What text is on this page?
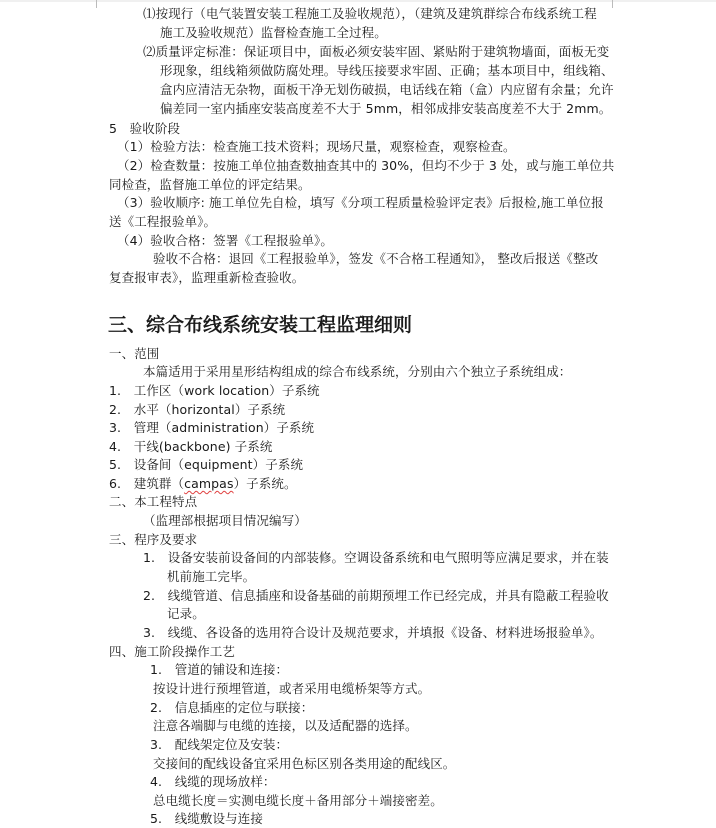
⑴按现行（电气装置安装工程施工及验收规范），（建筑及建筑群综合布线系统工程
施工及验收规范）监督检查施工全过程。
⑵质量评定标准：保证项目中，面板必须安装牢固、紧贴附于建筑物墙面，面板无变
形现象，组线箱须做防腐处理。导线压接要求牢固、正确；基本项目中，组线箱、
盒内应清洁无杂物，面板干净无划伤破损，电话线在箱（盒）内应留有余量；允许
偏差同一室内插座安装高度差不大于 5mm，相邻成排安装高度差不大于 2mm。
5　验收阶段
（1）检验方法：检查施工技术资料；现场尺量，观察检查，观察检查。
（2）检查数量：按施工单位抽查数抽查其中的 30%，但均不少于 3 处，或与施工单位共
同检查，监督施工单位的评定结果。
（3）验收顺序: 施工单位先自检，填写《分项工程质量检验评定表》后报检,施工单位报
送《工程报验单》。
（4）验收合格：签署《工程报验单》。
验收不合格：退回《工程报验单》，签发《不合格工程通知》， 整改后报送《整改
复查报审表》，监理重新检查验收。
三、综合布线系统安装工程监理细则
一、范围
本篇适用于采用星形结构组成的综合布线系统，分别由六个独立子系统组成：
1.　工作区（work location）子系统
2.　水平（horizontal）子系统
3.　管理（administration）子系统
4.　干线(backbone) 子系统
5.　设备间（equipment）子系统
6.　建筑群（campas）子系统。
二、本工程特点
（监理部根据项目情况编写）
三、程序及要求
1.　设备安装前设备间的内部装修。空调设备系统和电气照明等应满足要求，并在装
机前施工完毕。
2.　线缆管道、信息插座和设备基础的前期预埋工作已经完成，并具有隐蔽工程验收
记录。
3.　线缆、各设备的选用符合设计及规范要求，并填报《设备、材料进场报验单》。
四、施工阶段操作工艺
1.　管道的铺设和连接：
按设计进行预埋管道，或者采用电缆桥架等方式。
2.　信息插座的定位与联接：
注意各端脚与电缆的连接，以及适配器的选择。
3.　配线架定位及安装：
交接间的配线设备宜采用色标区别各类用途的配线区。
4.　线缆的现场放样：
总电缆长度＝实测电缆长度＋备用部分＋端接密差。
5.　线缆敷设与连接
